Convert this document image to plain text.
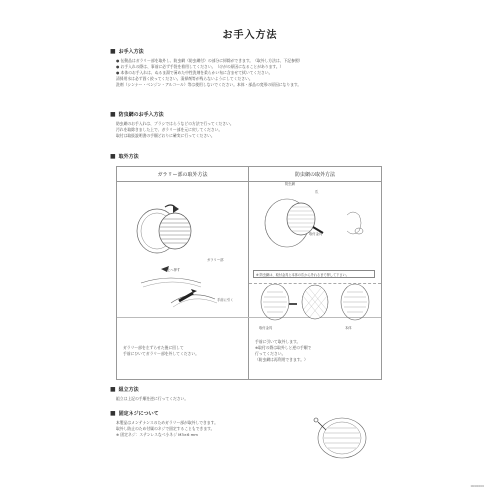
お手入方法
■ お手入方法

● 伝動品はガラリー部を取外し、防虫網（防虫網付）の部分に掃除ができます。（取外し方法は、下記参照）

● お手入れの際は、事前に必ず手袋を着用してください。（けがの原因になることがあります。）

● 本体のお手入れは、ぬるま湯で薄めた中性洗剤を柔らかい布に含ませて拭いてください。

清掃用水は必ず固く絞ってください。清掃剤等が残らないようにしてください。

洗剤（シンナー・ベンジン・アルコール）等は使用しないでください。本体・部品の変形の原因になります。

■ 防虫網のお手入方法

防虫網のお手入れは、ブラシではらうなどの方法で行ってください。

汚れを取除きました上で、ガラリー部を元に戻してください。

取付は取扱説明書の手順どおりに確実に行ってください。

■ 取外方法
ガラリー部の取外方法	防虫網の取外方法
ガラリー部
上へ押す
手前に引く
防虫網
爪
取付金具
※ 防虫網は、取付金具と本体の爪から外れるまで押して下さい。
取付金具	本体

ガラリー部を左ずらせた後に回して

手前にひいてガラリー部を外してください。

手前に引いて取外します。

※取付の際は取外しと逆の手順で

行ってください。

（防虫網は再利用できます。）

■ 組立方法

組立は上記の手順を逆に行ってください。

■ 固定ネジについて

本製品はメンテナンスのためガラリー部が取外しできます。

取外し防止のため付属のネジで固定することもできます。

※ 固定ネジ：ステンレスなべ小ネジ M3×6 mm

0000000
